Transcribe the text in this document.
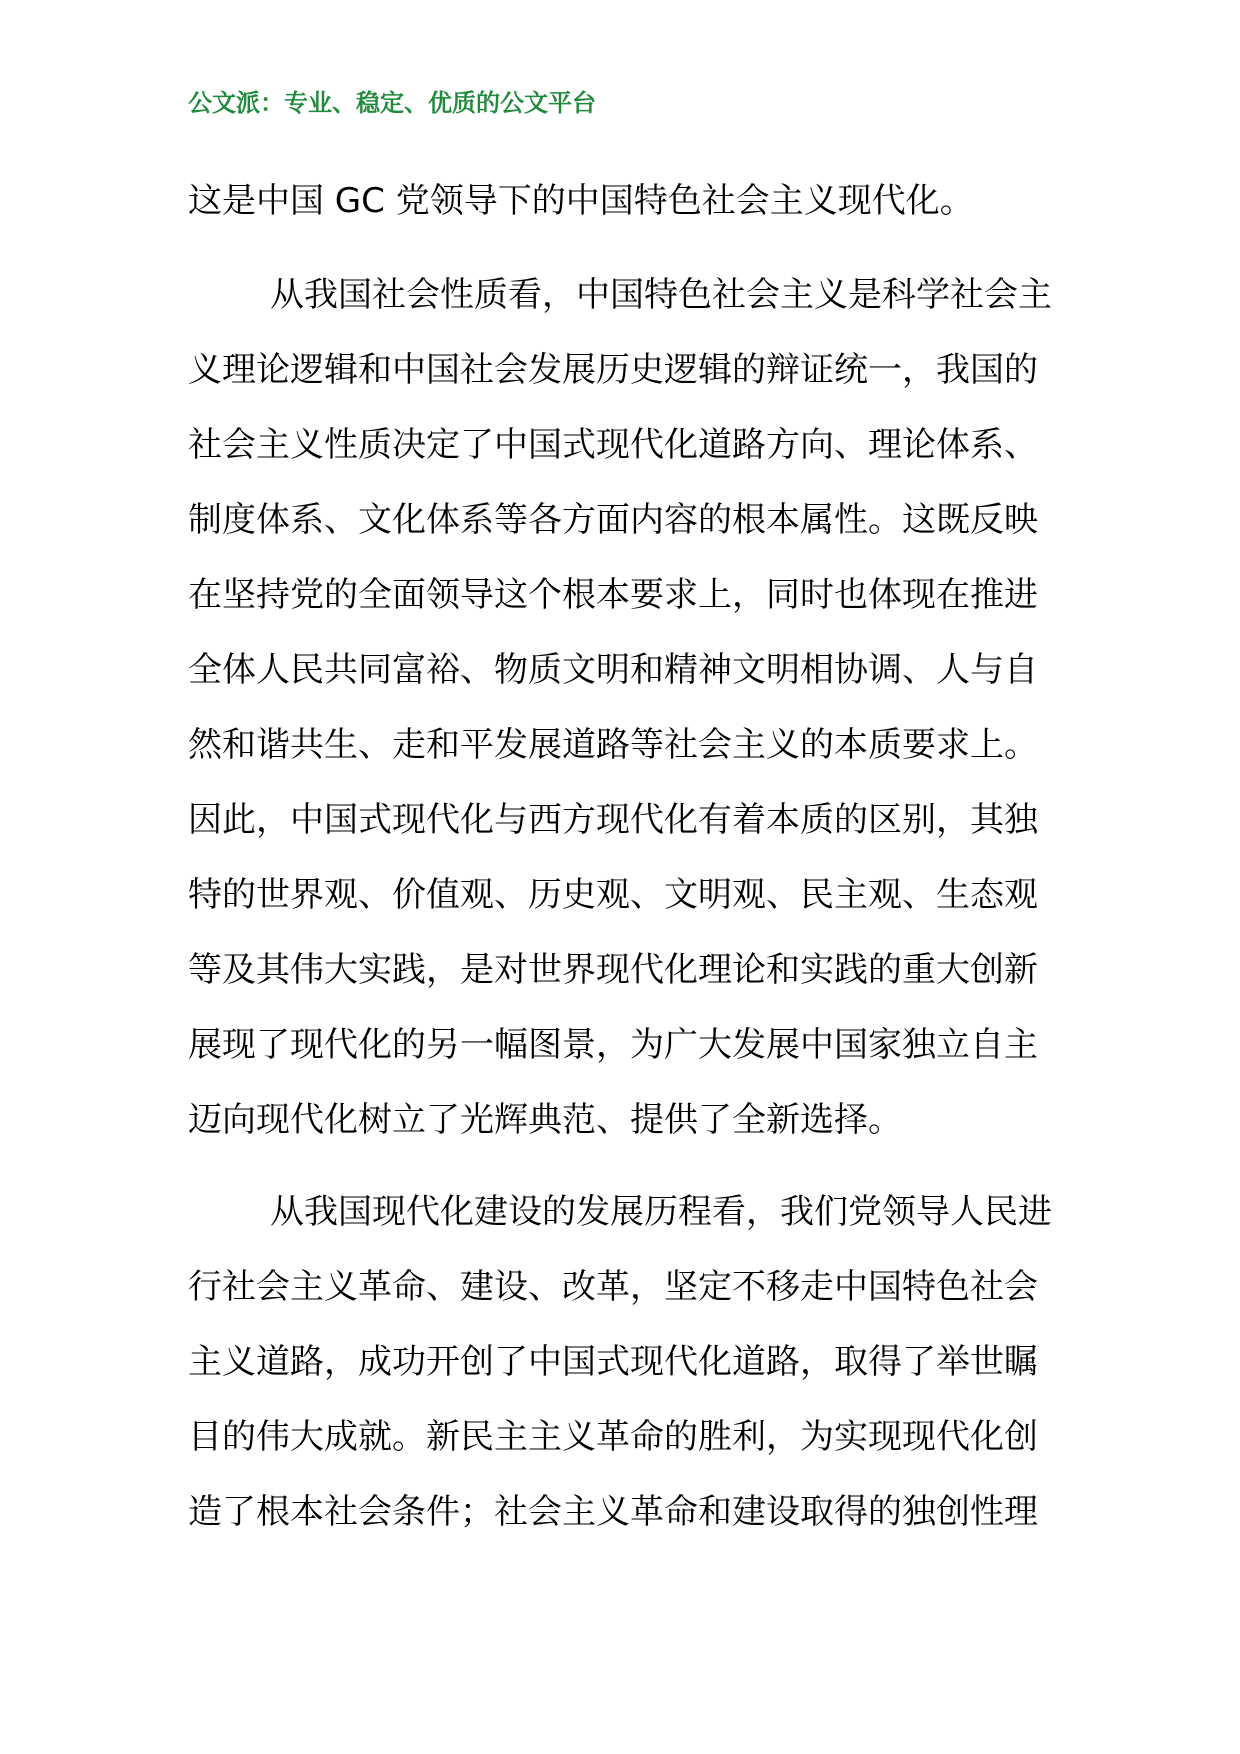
公文派：专业、稳定、优质的公文平台
这是中国 GC 党领导下的中国特色社会主义现代化。
从我国社会性质看，中国特色社会主义是科学社会主
义理论逻辑和中国社会发展历史逻辑的辩证统一，我国的
社会主义性质决定了中国式现代化道路方向、理论体系、
制度体系、文化体系等各方面内容的根本属性。这既反映
在坚持党的全面领导这个根本要求上，同时也体现在推进
全体人民共同富裕、物质文明和精神文明相协调、人与自
然和谐共生、走和平发展道路等社会主义的本质要求上。
因此，中国式现代化与西方现代化有着本质的区别，其独
特的世界观、价值观、历史观、文明观、民主观、生态观
等及其伟大实践，是对世界现代化理论和实践的重大创新
展现了现代化的另一幅图景，为广大发展中国家独立自主
迈向现代化树立了光辉典范、提供了全新选择。
从我国现代化建设的发展历程看，我们党领导人民进
行社会主义革命、建设、改革，坚定不移走中国特色社会
主义道路，成功开创了中国式现代化道路，取得了举世瞩
目的伟大成就。新民主主义革命的胜利，为实现现代化创
造了根本社会条件；社会主义革命和建设取得的独创性理
